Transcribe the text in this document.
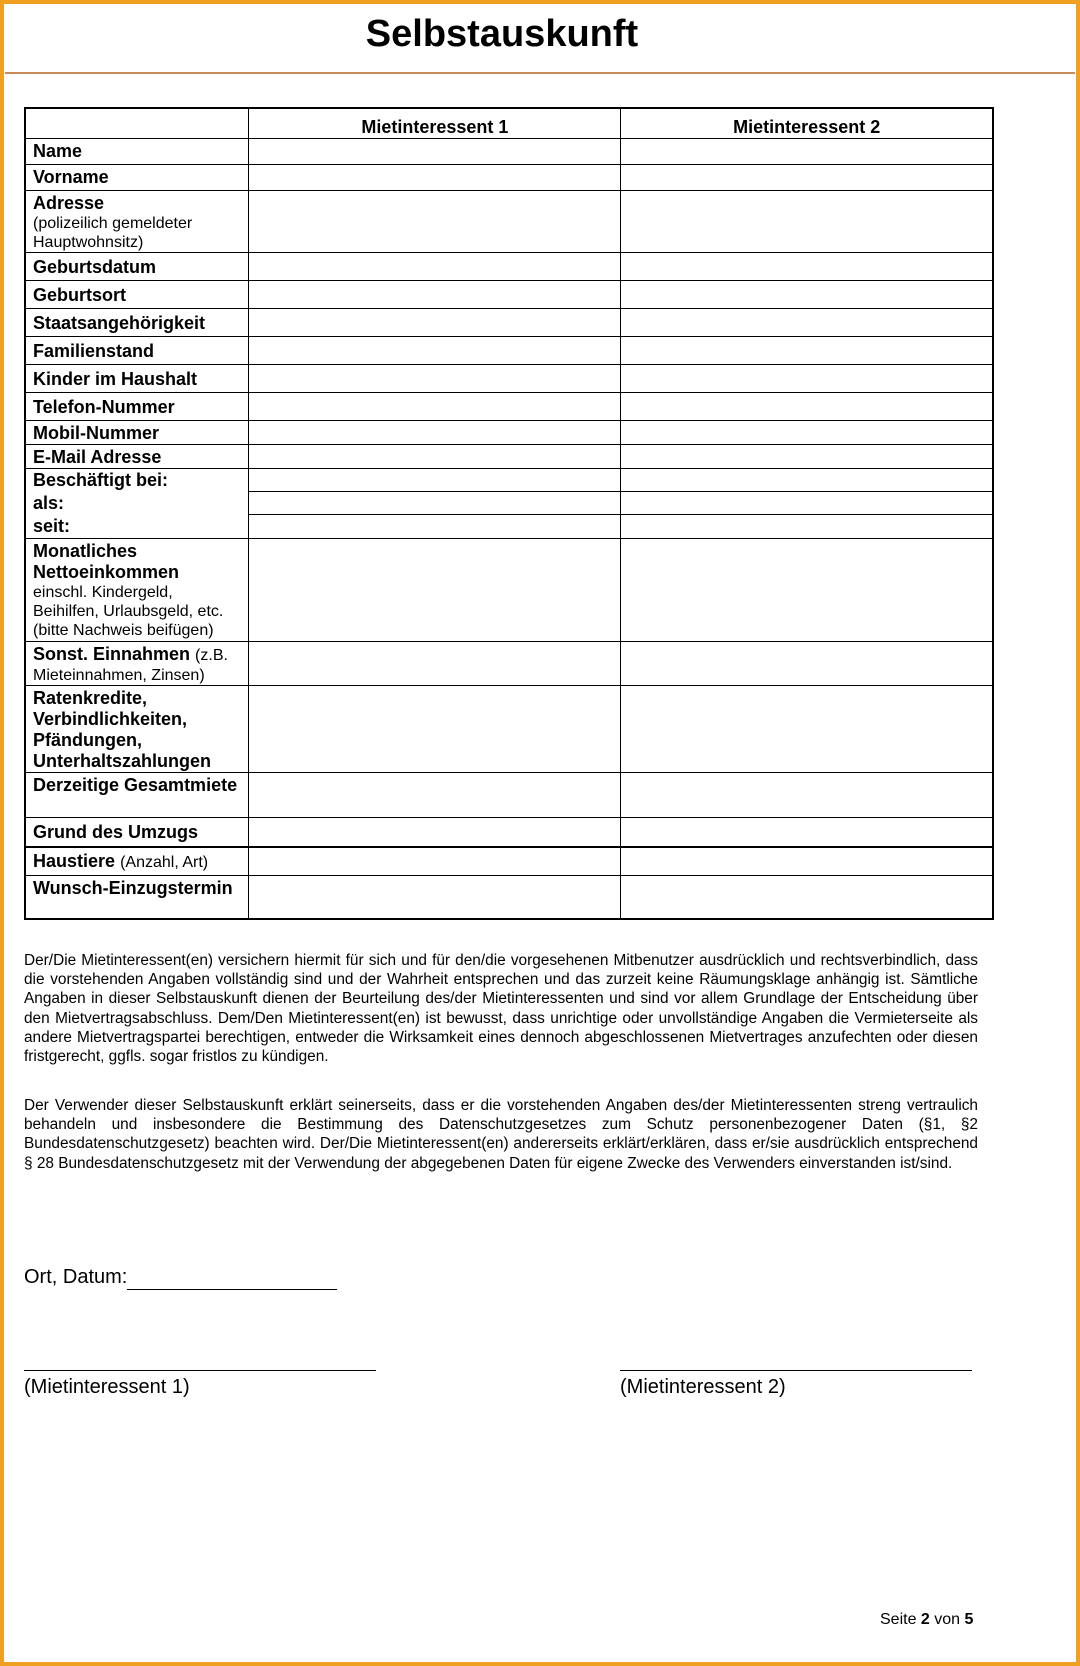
Selbstauskunft
	Mietinteressent 1	Mietinteressent 2
Name		
Vorname		
Adresse
(polizeilich gemeldeter Hauptwohnsitz)		

Geburtsdatum		
Geburtsort		
Staatsangehörigkeit		
Familienstand		
Kinder im Haushalt		
Telefon-Nummer		
Mobil-Nummer		
E-Mail Adresse		
Beschäftigt bei:
als:
seit:		

Monatliches Nettoeinkommen
einschl. Kindergeld, Beihilfen, Urlaubsgeld, etc. (bitte Nachweis beifügen)		

Sonst. Einnahmen (z.B.
Mieteinnahmen, Zinsen)		

Ratenkredite, Verbindlichkeiten, Pfändungen, Unterhaltszahlungen		
Derzeitige Gesamtmiete		
Grund des Umzugs		
Haustiere (Anzahl, Art)		
Wunsch-Einzugstermin		

Der/Die Mietinteressent(en) versichern hiermit für sich und für den/die vorgesehenen Mitbenutzer ausdrücklich und rechtsverbindlich, dass die vorstehenden Angaben vollständig sind und der Wahrheit entsprechen und das zurzeit keine Räumungsklage anhängig ist. Sämtliche Angaben in dieser Selbstauskunft dienen der Beurteilung des/der Mietinteressenten und sind vor allem Grundlage der Entscheidung über den Mietvertragsabschluss. Dem/Den Mietinteressent(en) ist bewusst, dass unrichtige oder unvollständige Angaben die Vermieterseite als andere Mietvertragspartei berechtigen, entweder die Wirksamkeit eines dennoch abgeschlossenen Mietvertrages anzufechten oder diesen fristgerecht, ggfls. sogar fristlos zu kündigen.

Der Verwender dieser Selbstauskunft erklärt seinerseits, dass er die vorstehenden Angaben des/der Mietinteressenten streng vertraulich behandeln und insbesondere die Bestimmung des Datenschutzgesetzes zum Schutz personenbezogener Daten (§1, §2 Bundesdatenschutzgesetz) beachten wird. Der/Die Mietinteressent(en) andererseits erklärt/erklären, dass er/sie ausdrücklich entsprechend § 28 Bundesdatenschutzgesetz mit der Verwendung der abgegebenen Daten für eigene Zwecke des Verwenders einverstanden ist/sind.

Ort, Datum:
(Mietinteressent 1)	(Mietinteressent 2)
Seite 2 von 5
